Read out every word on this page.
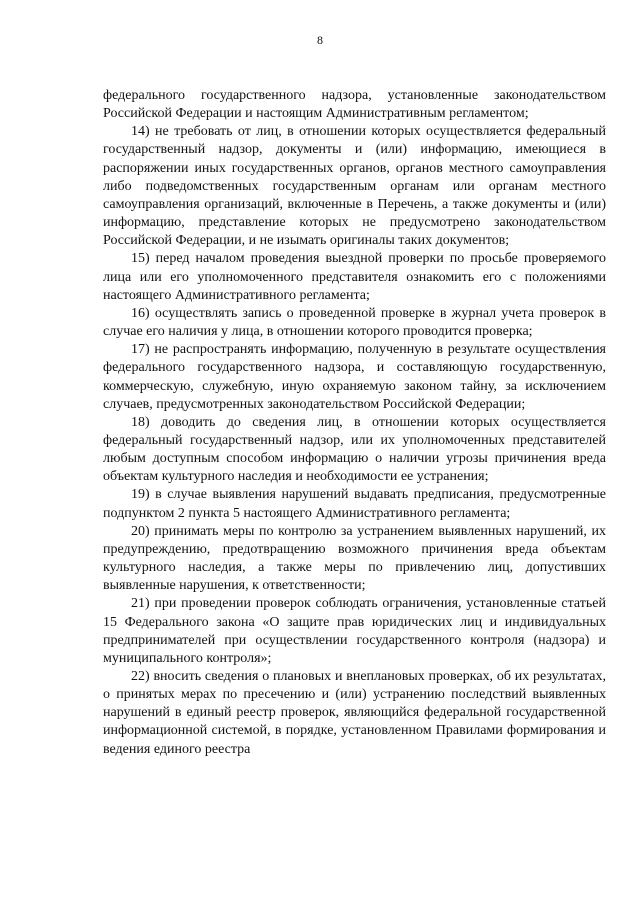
8

федерального государственного надзора, установленные законодательством Российской Федерации и настоящим Административным регламентом;

14) не требовать от лиц, в отношении которых осуществляется федеральный государственный надзор, документы и (или) информацию, имеющиеся в распоряжении иных государственных органов, органов местного самоуправления либо подведомственных государственным органам или органам местного самоуправления организаций, включенные в Перечень, а также документы и (или) информацию, представление которых не предусмотрено законодательством Российской Федерации, и не изымать оригиналы таких документов;

15) перед началом проведения выездной проверки по просьбе проверяемого лица или его уполномоченного представителя ознакомить его с положениями настоящего Административного регламента;

16) осуществлять запись о проведенной проверке в журнал учета проверок в случае его наличия у лица, в отношении которого проводится проверка;

17) не распространять информацию, полученную в результате осуществления федерального государственного надзора, и составляющую государственную, коммерческую, служебную, иную охраняемую законом тайну, за исключением случаев, предусмотренных законодательством Российской Федерации;

18) доводить до сведения лиц, в отношении которых осуществляется федеральный государственный надзор, или их уполномоченных представителей любым доступным способом информацию о наличии угрозы причинения вреда объектам культурного наследия и необходимости ее устранения;

19) в случае выявления нарушений выдавать предписания, предусмотренные подпунктом 2 пункта 5 настоящего Административного регламента;

20) принимать меры по контролю за устранением выявленных нарушений, их предупреждению, предотвращению возможного причинения вреда объектам культурного наследия, а также меры по привлечению лиц, допустивших выявленные нарушения, к ответственности;

21) при проведении проверок соблюдать ограничения, установленные статьей 15 Федерального закона «О защите прав юридических лиц и индивидуальных предпринимателей при осуществлении государственного контроля (надзора) и муниципального контроля»;

22) вносить сведения о плановых и внеплановых проверках, об их результатах, о принятых мерах по пресечению и (или) устранению последствий выявленных нарушений в единый реестр проверок, являющийся федеральной государственной информационной системой, в порядке, установленном Правилами формирования и ведения единого реестра
